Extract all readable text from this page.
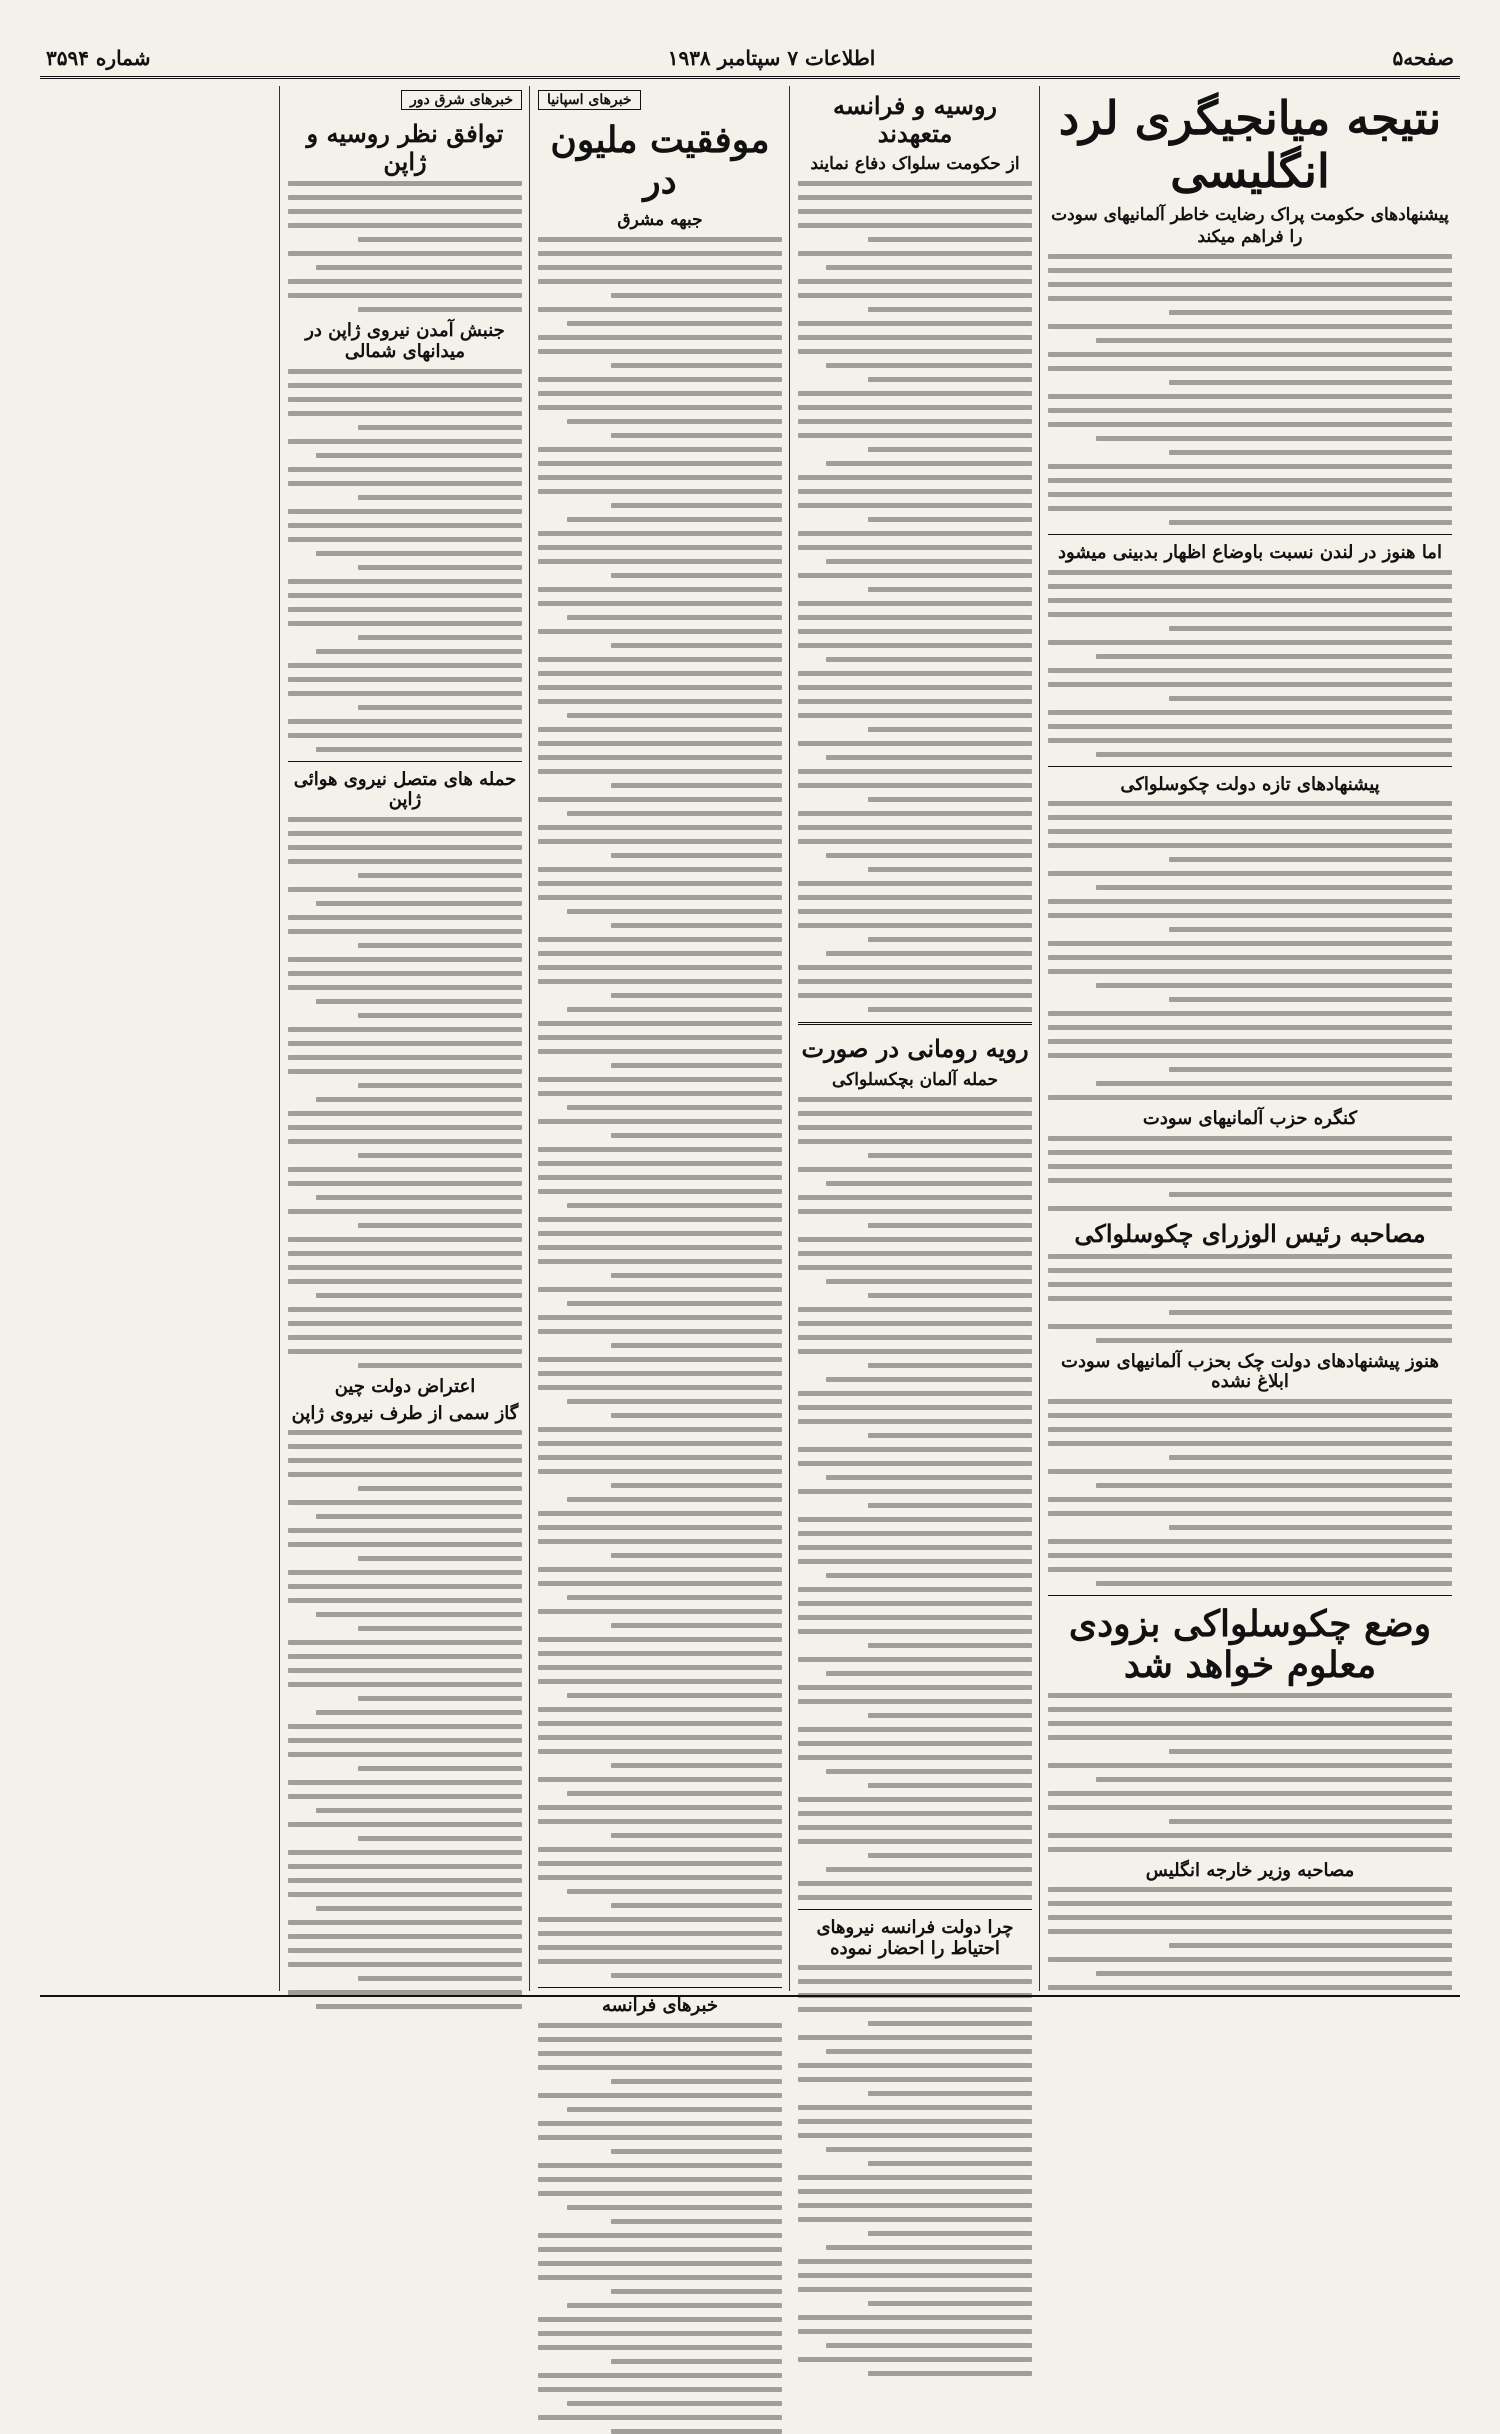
صفحه۵
اطلاعات ۷ سپتامبر ۱۹۳۸
شماره ۳۵۹۴
نتیجه میانجیگری لرد انگلیسی
پیشنهادهای حکومت پراک رضایت خاطر آلمانیهای سودت را فراهم میکند
اما هنوز در لندن نسبت باوضاع اظهار بدبینی میشود
پیشنهادهای تازه دولت چکوسلواکی
کنگره حزب آلمانیهای سودت
مصاحبه رئیس الوزرای چکوسلواکی
هنوز پیشنهادهای دولت چک بحزب آلمانیهای سودت ابلاغ نشده
وضع چکوسلواکی بزودی معلوم خواهد شد
مصاحبه وزیر خارجه انگلیس
روسیه و فرانسه متعهدند
از حکومت سلواک دفاع نمایند
رویه رومانی در صورت
حمله آلمان بچکسلواکی
چرا دولت فرانسه نیروهای احتیاط را احضار نموده
خبرهای اسپانیا
موفقیت ملیون در
جبهه مشرق
خبرهای فرانسه
خبرهای شرق دور
توافق نظر روسیه و ژاپن
جنبش آمدن نیروی ژاپن در میدانهای شمالی
حمله های متصل نیروی هوائی ژاپن
اعتراض دولت چین
گاز سمی از طرف نیروی ژاپن
